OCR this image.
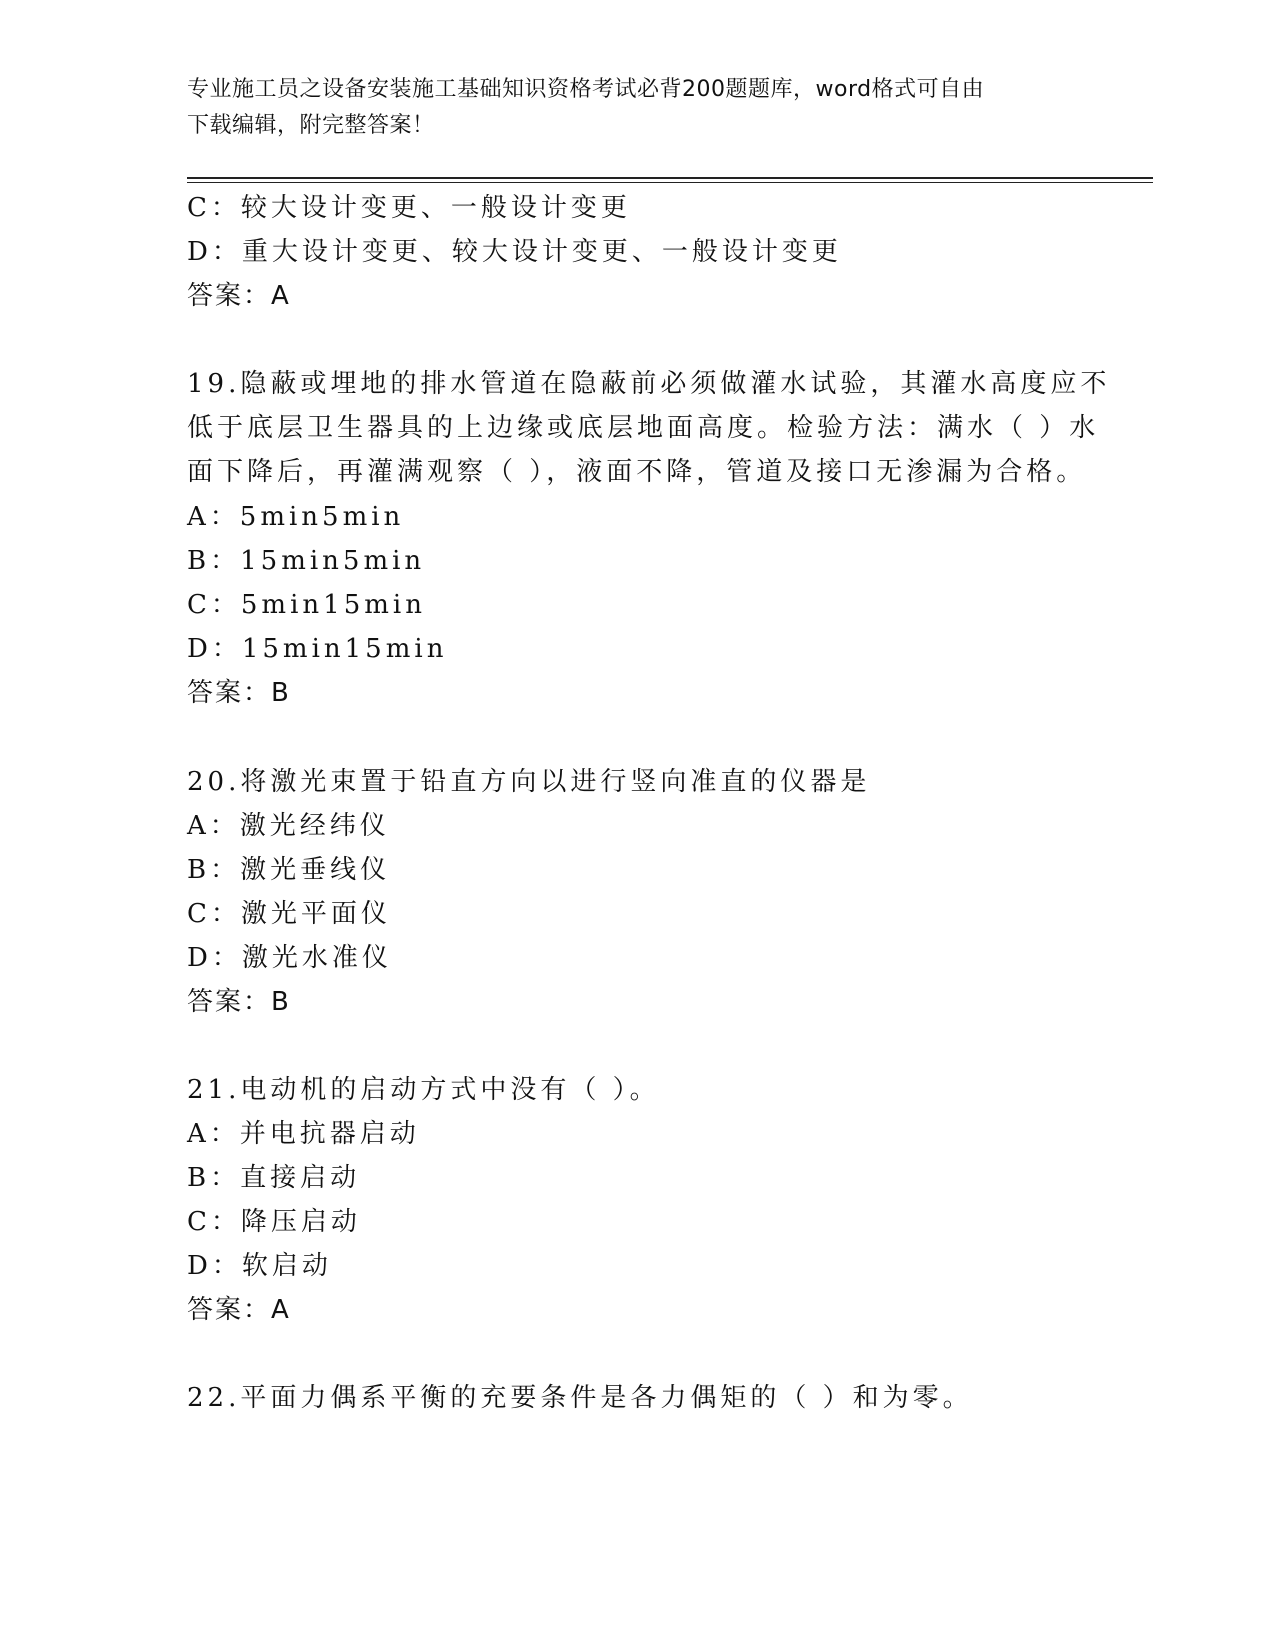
专业施工员之设备安装施工基础知识资格考试必背200题题库，word格式可自由
下载编辑，附完整答案！
C：较大设计变更、一般设计变更
D：重大设计变更、较大设计变更、一般设计变更
答案：A
19.隐蔽或埋地的排水管道在隐蔽前必须做灌水试验，其灌水高度应不
低于底层卫生器具的上边缘或底层地面高度。检验方法：满水（ ）水
面下降后，再灌满观察（ ），液面不降，管道及接口无渗漏为合格。
A：5min5min
B：15min5min
C：5min15min
D：15min15min
答案：B
20.将激光束置于铅直方向以进行竖向准直的仪器是
A：激光经纬仪
B：激光垂线仪
C：激光平面仪
D：激光水准仪
答案：B
21.电动机的启动方式中没有（ ）。
A：并电抗器启动
B：直接启动
C：降压启动
D：软启动
答案：A
22.平面力偶系平衡的充要条件是各力偶矩的（ ）和为零。
